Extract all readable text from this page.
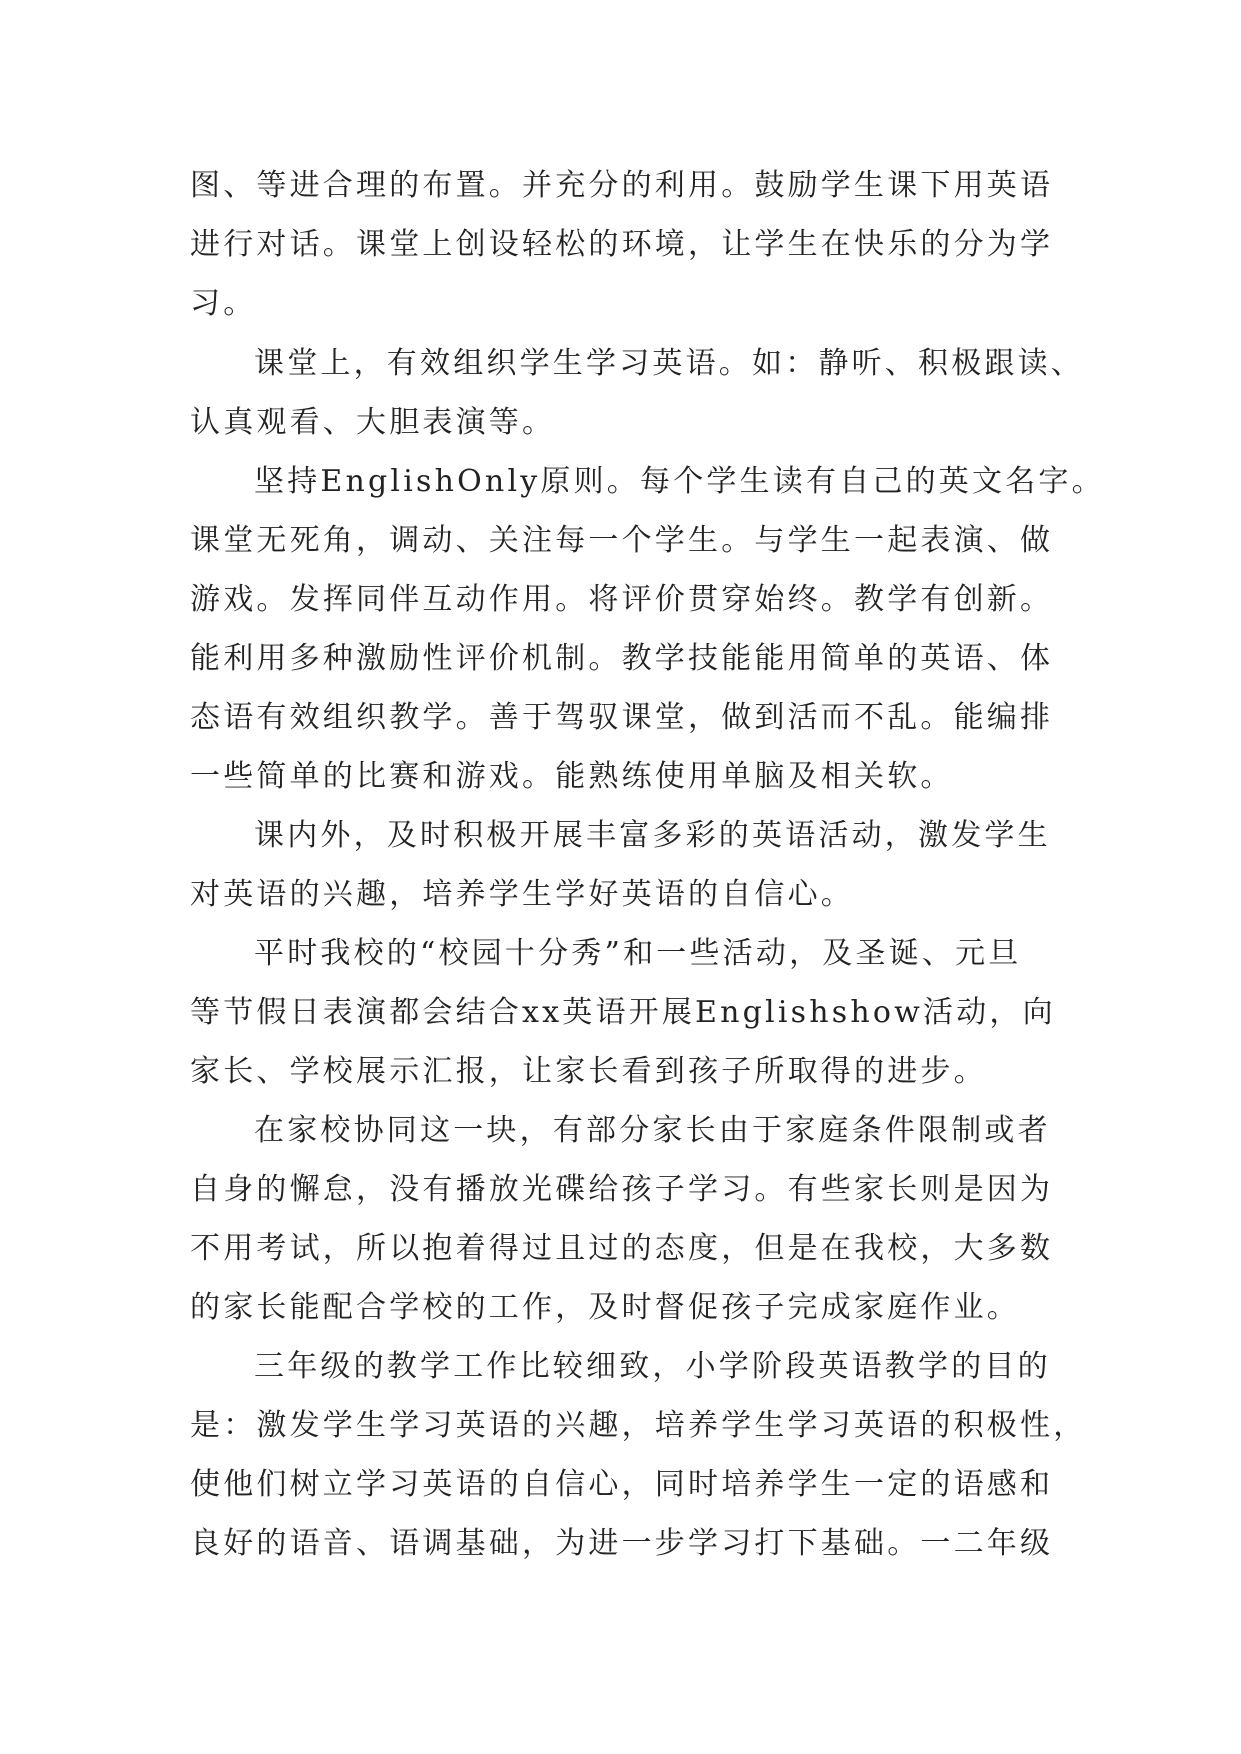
图、等进合理的布置。并充分的利用。鼓励学生课下用英语
进行对话。课堂上创设轻松的环境，让学生在快乐的分为学
习。
课堂上，有效组织学生学习英语。如：静听、积极跟读、
认真观看、大胆表演等。
坚持EnglishOnly原则。每个学生读有自己的英文名字。
课堂无死角，调动、关注每一个学生。与学生一起表演、做
游戏。发挥同伴互动作用。将评价贯穿始终。教学有创新。
能利用多种激励性评价机制。教学技能能用简单的英语、体
态语有效组织教学。善于驾驭课堂，做到活而不乱。能编排
一些简单的比赛和游戏。能熟练使用单脑及相关软。
课内外，及时积极开展丰富多彩的英语活动，激发学生
对英语的兴趣，培养学生学好英语的自信心。
平时我校的“校园十分秀”和一些活动，及圣诞、元旦
等节假日表演都会结合xx英语开展Englishshow活动，向
家长、学校展示汇报，让家长看到孩子所取得的进步。
在家校协同这一块，有部分家长由于家庭条件限制或者
自身的懈怠，没有播放光碟给孩子学习。有些家长则是因为
不用考试，所以抱着得过且过的态度，但是在我校，大多数
的家长能配合学校的工作，及时督促孩子完成家庭作业。
三年级的教学工作比较细致，小学阶段英语教学的目的
是：激发学生学习英语的兴趣，培养学生学习英语的积极性，
使他们树立学习英语的自信心，同时培养学生一定的语感和
良好的语音、语调基础，为进一步学习打下基础。一二年级
